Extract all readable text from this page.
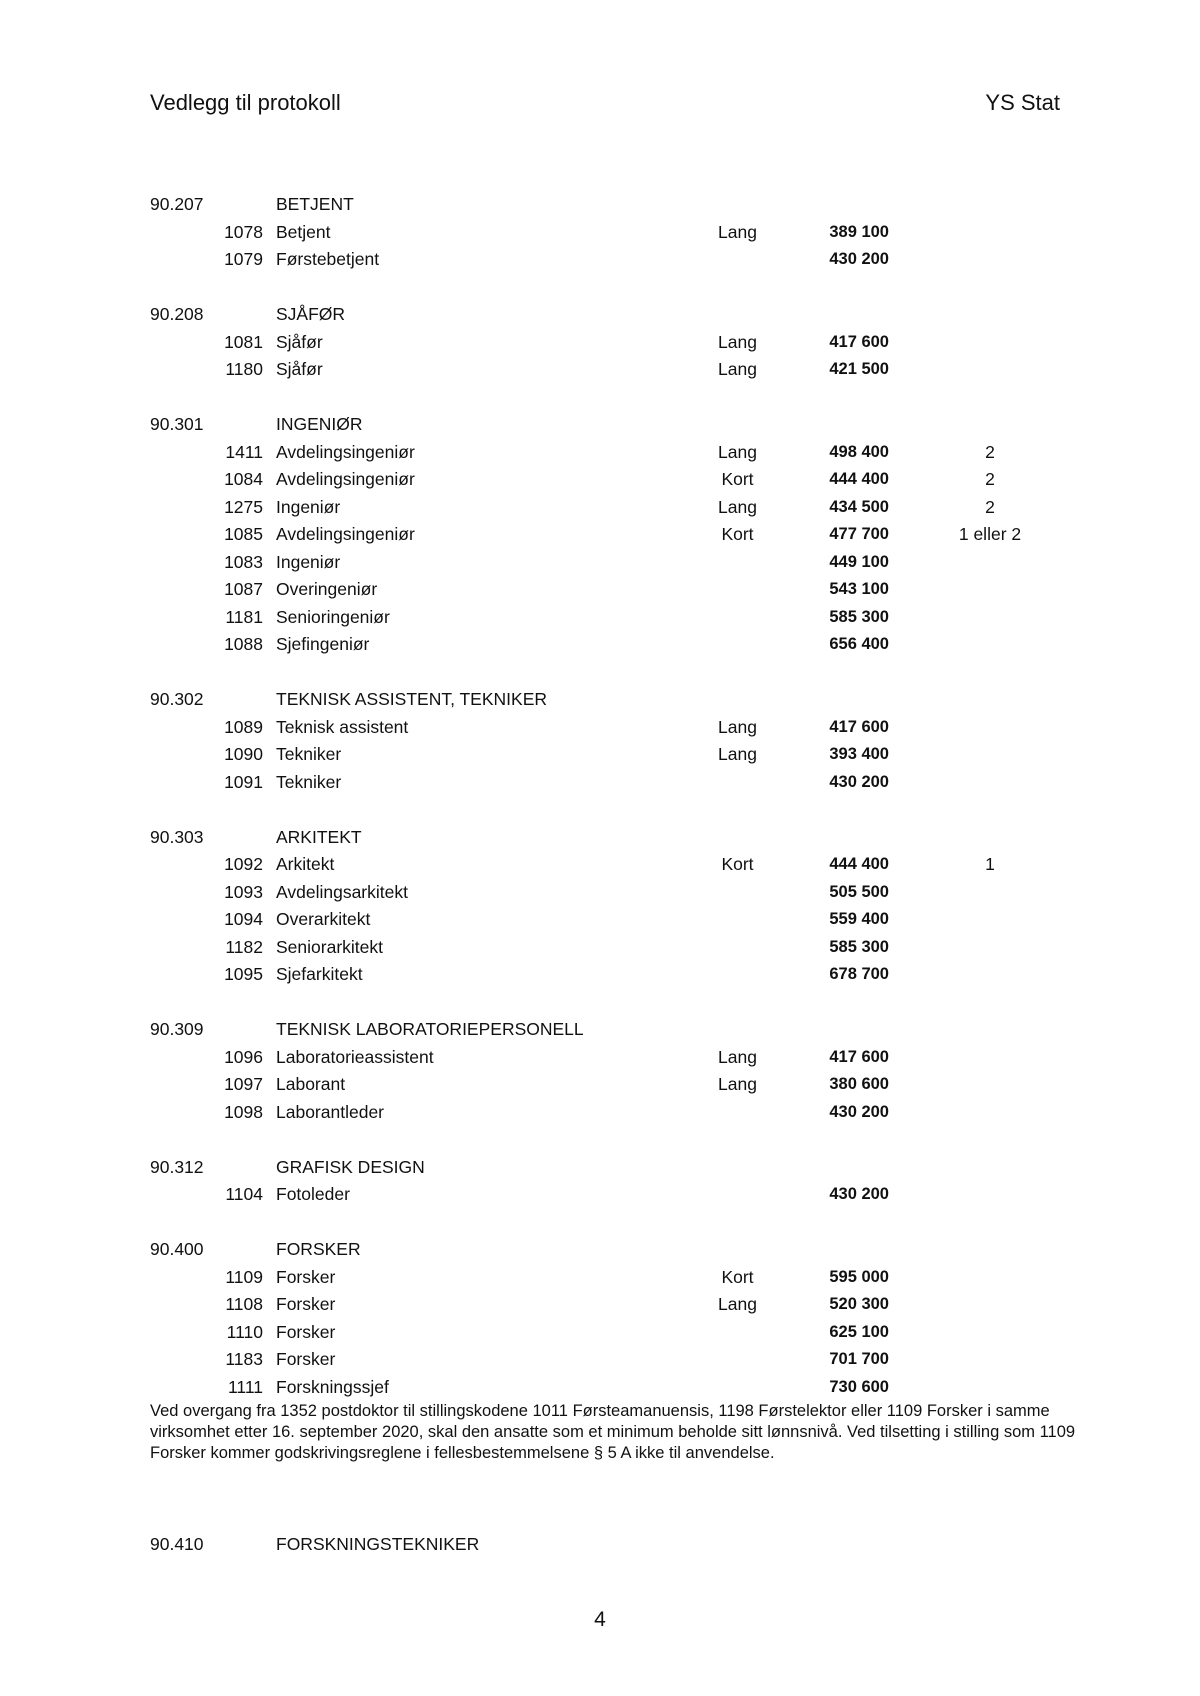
Vedlegg til protokoll	YS Stat
90.207	BETJENT
1078 Betjent	Lang	389 100
1079 Førstebetjent	430 200
90.208	SJÅFØR
1081 Sjåfør	Lang	417 600
1180 Sjåfør	Lang	421 500
90.301	INGENIØR
1411 Avdelingsingeniør	Lang	498 400	2
1084 Avdelingsingeniør	Kort	444 400	2
1275 Ingeniør	Lang	434 500	2
1085 Avdelingsingeniør	Kort	477 700	1 eller 2
1083 Ingeniør	449 100
1087 Overingeniør	543 100
1181 Senioringeniør	585 300
1088 Sjefingeniør	656 400
90.302	TEKNISK ASSISTENT, TEKNIKER
1089 Teknisk assistent	Lang	417 600
1090 Tekniker	Lang	393 400
1091 Tekniker	430 200
90.303	ARKITEKT
1092 Arkitekt	Kort	444 400	1
1093 Avdelingsarkitekt	505 500
1094 Overarkitekt	559 400
1182 Seniorarkitekt	585 300
1095 Sjefarkitekt	678 700
90.309	TEKNISK LABORATORIEPERSONELL
1096 Laboratorieassistent	Lang	417 600
1097 Laborant	Lang	380 600
1098 Laborantleder	430 200
90.312	GRAFISK DESIGN
1104 Fotoleder	430 200
90.400	FORSKER
1109 Forsker	Kort	595 000
1108 Forsker	Lang	520 300
1110 Forsker	625 100
1183 Forsker	701 700
1111 Forskningssjef	730 600
Ved overgang fra 1352 postdoktor til stillingskodene 1011 Førsteamanuensis, 1198 Førstelektor eller 1109 Forsker i samme virksomhet etter 16. september 2020, skal den ansatte som et minimum beholde sitt lønnsnivå. Ved tilsetting i stilling som 1109 Forsker kommer godskrivingsreglene i fellesbestemmelsene § 5 A ikke til anvendelse.
90.410	FORSKNINGSTEKNIKER
4
